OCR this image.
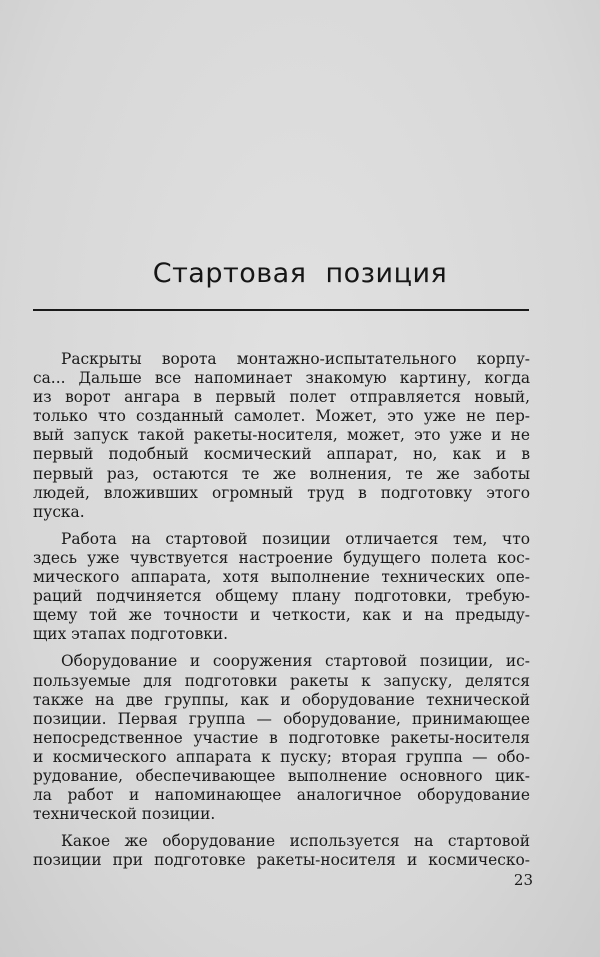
Стартовая позиция
Раскрыты ворота монтажно-испытательного корпу-
са... Дальше все напоминает знакомую картину, когда
из ворот ангара в первый полет отправляется новый,
только что созданный самолет. Может, это уже не пер-
вый запуск такой ракеты-носителя, может, это уже и не
первый подобный космический аппарат, но, как и в
первый раз, остаются те же волнения, те же заботы
людей, вложивших огромный труд в подготовку этого
пуска.
Работа на стартовой позиции отличается тем, что
здесь уже чувствуется настроение будущего полета кос-
мического аппарата, хотя выполнение технических опе-
раций подчиняется общему плану подготовки, требую-
щему той же точности и четкости, как и на предыду-
щих этапах подготовки.
Оборудование и сооружения стартовой позиции, ис-
пользуемые для подготовки ракеты к запуску, делятся
также на две группы, как и оборудование технической
позиции. Первая группа — оборудование, принимающее
непосредственное участие в подготовке ракеты-носителя
и космического аппарата к пуску; вторая группа — обо-
рудование, обеспечивающее выполнение основного цик-
ла работ и напоминающее аналогичное оборудование
технической позиции.
Какое же оборудование используется на стартовой
позиции при подготовке ракеты-носителя и космическо-
23
